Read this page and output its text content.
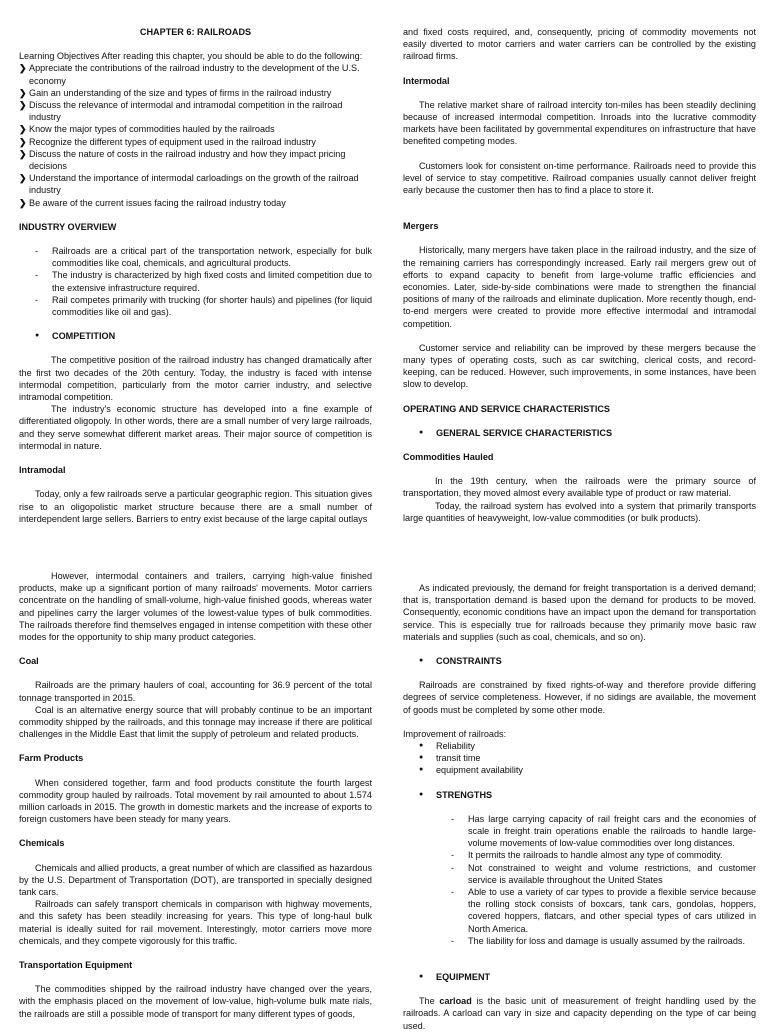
CHAPTER 6: RAILROADS

Learning Objectives After reading this chapter, you should be able to do the following:

❯ Appreciate the contributions of the railroad industry to the development of the U.S. economy
❯ Gain an understanding of the size and types of firms in the railroad industry
❯ Discuss the relevance of intermodal and intramodal competition in the railroad industry
❯ Know the major types of commodities hauled by the railroads
❯ Recognize the different types of equipment used in the railroad industry
❯ Discuss the nature of costs in the railroad industry and how they impact pricing decisions
❯ Understand the importance of intermodal carloadings on the growth of the railroad industry
❯ Be aware of the current issues facing the railroad industry today

INDUSTRY OVERVIEW

-	Railroads are a critical part of the transportation network, especially for bulk commodities like coal, chemicals, and agricultural products.
-	The industry is characterized by high fixed costs and limited competition due to the extensive infrastructure required.
-	Rail competes primarily with trucking (for shorter hauls) and pipelines (for liquid commodities like oil and gas).
●	COMPETITION

The competitive position of the railroad industry has changed dramatically after the first two decades of the 20th century. Today, the industry is faced with intense intermodal competition, particularly from the motor carrier industry, and selective intramodal competition.

The industry's economic structure has developed into a fine example of differentiated oligopoly. In other words, there are a small number of very large railroads, and they serve somewhat different market areas. Their major source of competition is intermodal in nature.

Intramodal

Today, only a few railroads serve a particular geographic region. This situation gives rise to an oligopolistic market structure because there are a small number of interdependent large sellers. Barriers to entry exist because of the large capital outlays

and fixed costs required, and, consequently, pricing of commodity movements not easily diverted to motor carriers and water carriers can be controlled by the existing railroad firms.

Intermodal

The relative market share of railroad intercity ton-miles has been steadily declining because of increased intermodal competition. Inroads into the lucrative commodity markets have been facilitated by governmental expenditures on infrastructure that have benefited competing modes.

Customers look for consistent on-time performance. Railroads need to provide this level of service to stay competitive. Railroad companies usually cannot deliver freight early because the customer then has to find a place to store it.

Mergers

Historically, many mergers have taken place in the railroad industry, and the size of the remaining carriers has correspondingly increased. Early rail mergers grew out of efforts to expand capacity to benefit from large-volume traffic efficiencies and economies. Later, side-by-side combinations were made to strengthen the financial positions of many of the railroads and eliminate duplication. More recently though, end-to-end mergers were created to provide more effective intermodal and intramodal competition.

Customer service and reliability can be improved by these mergers because the many types of operating costs, such as car switching, clerical costs, and record-keeping, can be reduced. However, such improvements, in some instances, have been slow to develop.

OPERATING AND SERVICE CHARACTERISTICS

●	GENERAL SERVICE CHARACTERISTICS

Commodities Hauled

In the 19th century, when the railroads were the primary source of transportation, they moved almost every available type of product or raw material.

Today, the railroad system has evolved into a system that primarily transports large quantities of heavyweight, low-value commodities (or bulk products).

However, intermodal containers and trailers, carrying high-value finished products, make up a significant portion of many railroads' movements. Motor carriers concentrate on the handling of small-volume, high-value finished goods, whereas water and pipelines carry the larger volumes of the lowest-value types of bulk commodities. The railroads therefore find themselves engaged in intense competition with these other modes for the opportunity to ship many product categories.

Coal

Railroads are the primary haulers of coal, accounting for 36.9 percent of the total tonnage transported in 2015.

Coal is an alternative energy source that will probably continue to be an important commodity shipped by the railroads, and this tonnage may increase if there are political challenges in the Middle East that limit the supply of petroleum and related products.

Farm Products

When considered together, farm and food products constitute the fourth largest commodity group hauled by railroads. Total movement by rail amounted to about 1.574 million carloads in 2015. The growth in domestic markets and the increase of exports to foreign customers have been steady for many years.

Chemicals

Chemicals and allied products, a great number of which are classified as hazardous by the U.S. Department of Transportation (DOT), are transported in specially designed tank cars.

Railroads can safely transport chemicals in comparison with highway movements, and this safety has been steadily increasing for years. This type of long-haul bulk material is ideally suited for rail movement. Interestingly, motor carriers move more chemicals, and they compete vigorously for this traffic.

Transportation Equipment

The commodities shipped by the railroad industry have changed over the years, with the emphasis placed on the movement of low-value, high-volume bulk mate rials, the railroads are still a possible mode of transport for many different types of goods,

As indicated previously, the demand for freight transportation is a derived demand; that is, transportation demand is based upon the demand for products to be moved. Consequently, economic conditions have an impact upon the demand for transportation service. This is especially true for railroads because they primarily move basic raw materials and supplies (such as coal, chemicals, and so on).

●	CONSTRAINTS

Railroads are constrained by fixed rights-of-way and therefore provide differing degrees of service completeness. However, if no sidings are available, the movement of goods must be completed by some other mode.

Improvement of railroads:

●	Reliability
●	transit time
●	equipment availability
●	STRENGTHS
-	Has large carrying capacity of rail freight cars and the economies of scale in freight train operations enable the railroads to handle large-volume movements of low-value commodities over long distances.
-	It permits the railroads to handle almost any type of commodity.
-	Not constrained to weight and volume restrictions, and customer service is available throughout the United States
-	Able to use a variety of car types to provide a flexible service because the rolling stock consists of boxcars, tank cars, gondolas, hoppers, covered hoppers, flatcars, and other special types of cars utilized in North America.
-	The liability for loss and damage is usually assumed by the railroads.
●	EQUIPMENT

The carload is the basic unit of measurement of freight handling used by the railroads. A carload can vary in size and capacity depending on the type of car being used.
